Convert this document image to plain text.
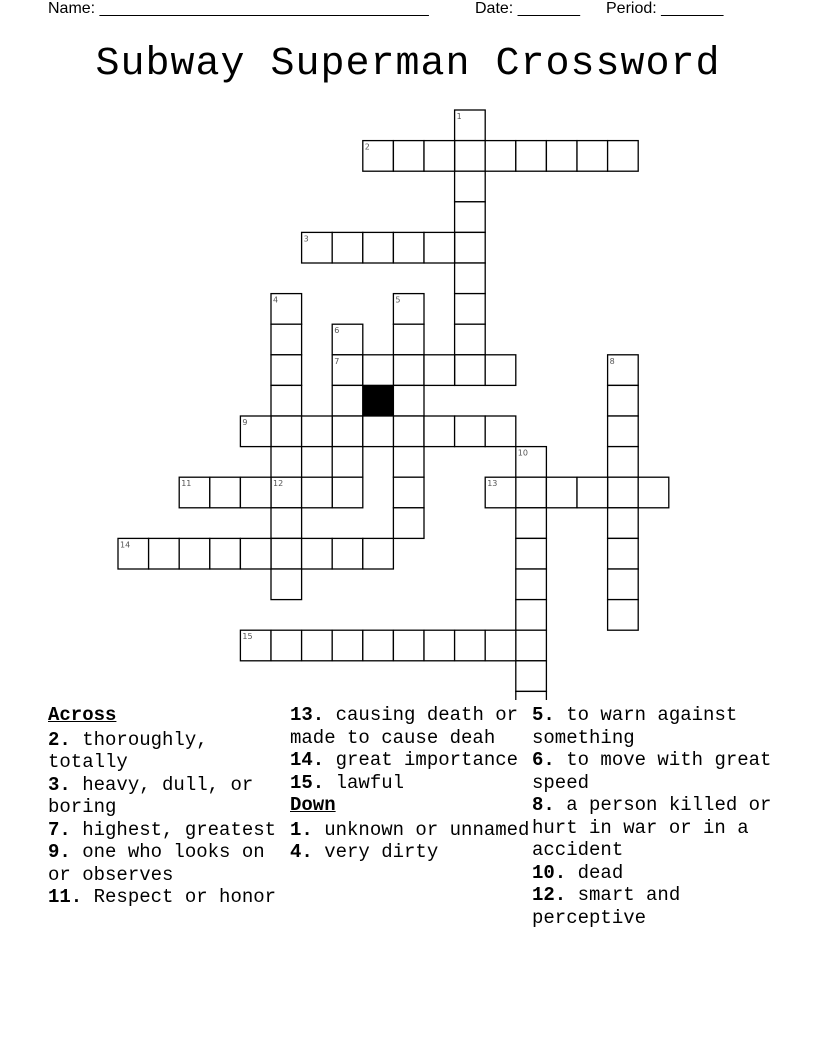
Name: _____________________________________	Date: _______ Period: _______
Subway Superman Crossword
1
2
3
4	5
6
7	8
9
10
11	12	13
14
15
Across
2. thoroughly, totally
3. heavy, dull, or boring
7. highest, greatest
9. one who looks on or observes
11. Respect or honor
13. causing death or made to cause deah
14. great importance
15. lawful
Down
1. unknown or unnamed
4. very dirty
5. to warn against something
6. to move with great speed
8. a person killed or hurt in war or in a accident
10. dead
12. smart and perceptive
